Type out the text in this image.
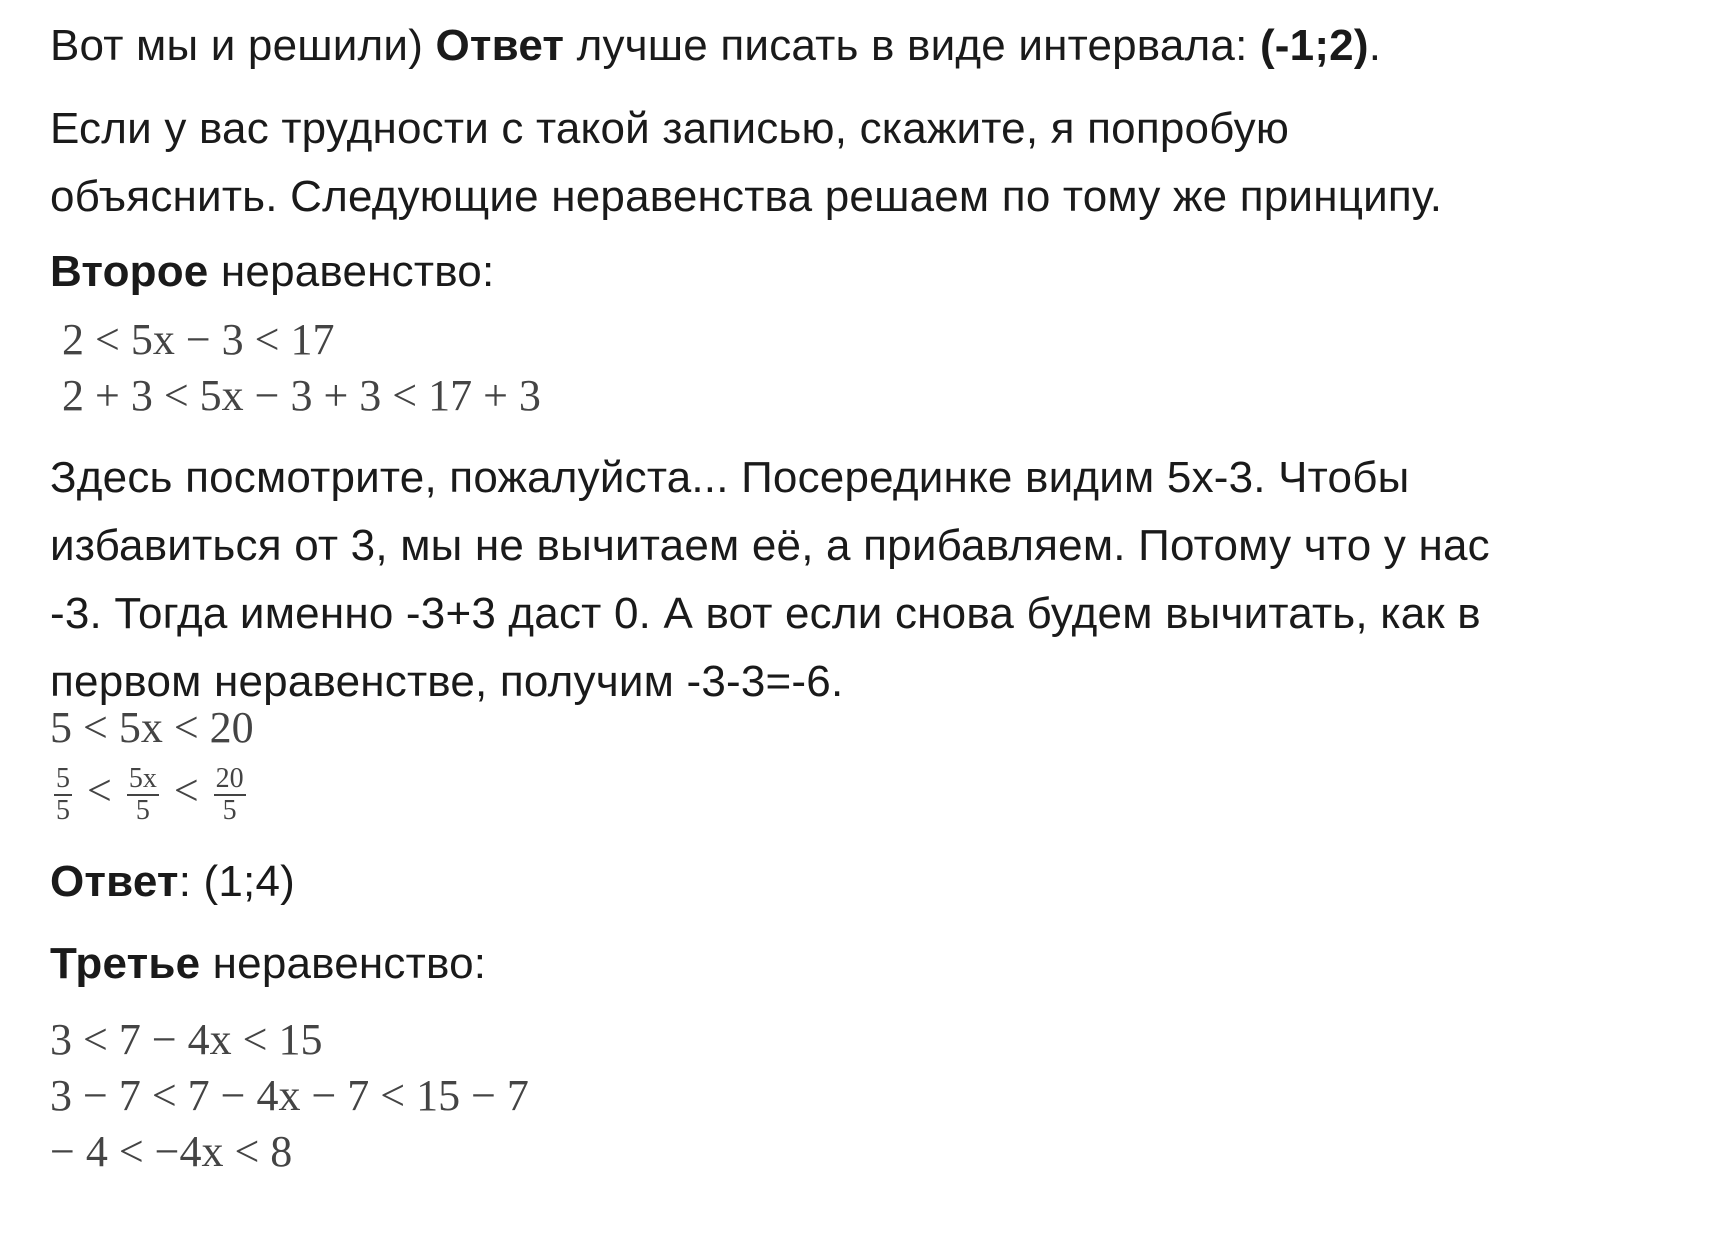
Вот мы и решили) Ответ лучше писать в виде интервала: (-1;2).

Если у вас трудности с такой записью, скажите, я попробую
объяснить. Следующие неравенства решаем по тому же принципу.

Второе неравенство:

2 < 5x − 3 < 17

2 + 3 < 5x − 3 + 3 < 17 + 3

Здесь посмотрите, пожалуйста... Посерединке видим 5х-3. Чтобы
избавиться от 3, мы не вычитаем её, а прибавляем. Потому что у нас
-3. Тогда именно -3+3 даст 0. А вот если снова будем вычитать, как в
первом неравенстве, получим -3-3=-6.

5 < 5x < 20

$\frac{5}{5} < \frac{5x}{5} < \frac{20}{5}$

Ответ: (1;4)

Третье неравенство:

3 < 7 − 4x < 15

3 − 7 < 7 − 4x − 7 < 15 − 7

− 4 < −4x < 8
